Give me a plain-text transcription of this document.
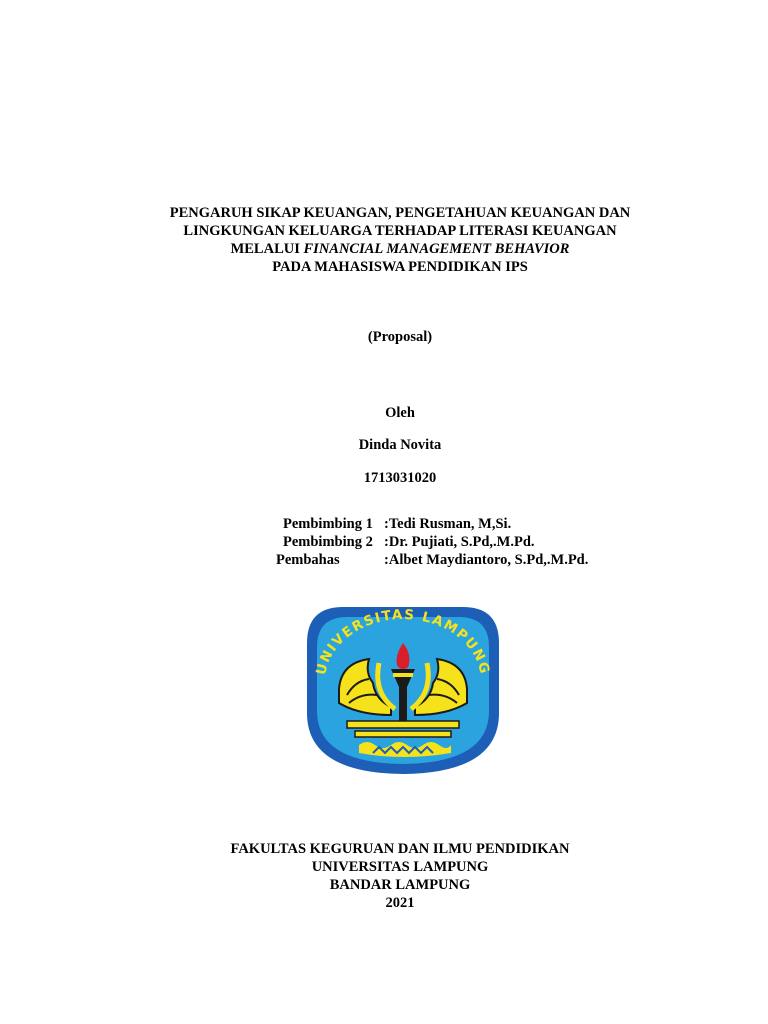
PENGARUH SIKAP KEUANGAN, PENGETAHUAN KEUANGAN DAN
LINGKUNGAN KELUARGA TERHADAP LITERASI KEUANGAN
MELALUI FINANCIAL MANAGEMENT BEHAVIOR
PADA MAHASISWA PENDIDIKAN IPS
(Proposal)
Oleh
Dinda Novita
1713031020
Pembimbing 1 : Tedi Rusman, M,Si.
Pembimbing 2 : Dr. Pujiati, S.Pd,.M.Pd.
Pembahas	: Albet Maydiantoro, S.Pd,.M.Pd.
UNIVERSITAS LAMPUNG
FAKULTAS KEGURUAN DAN ILMU PENDIDIKAN
UNIVERSITAS LAMPUNG
BANDAR LAMPUNG
2021
